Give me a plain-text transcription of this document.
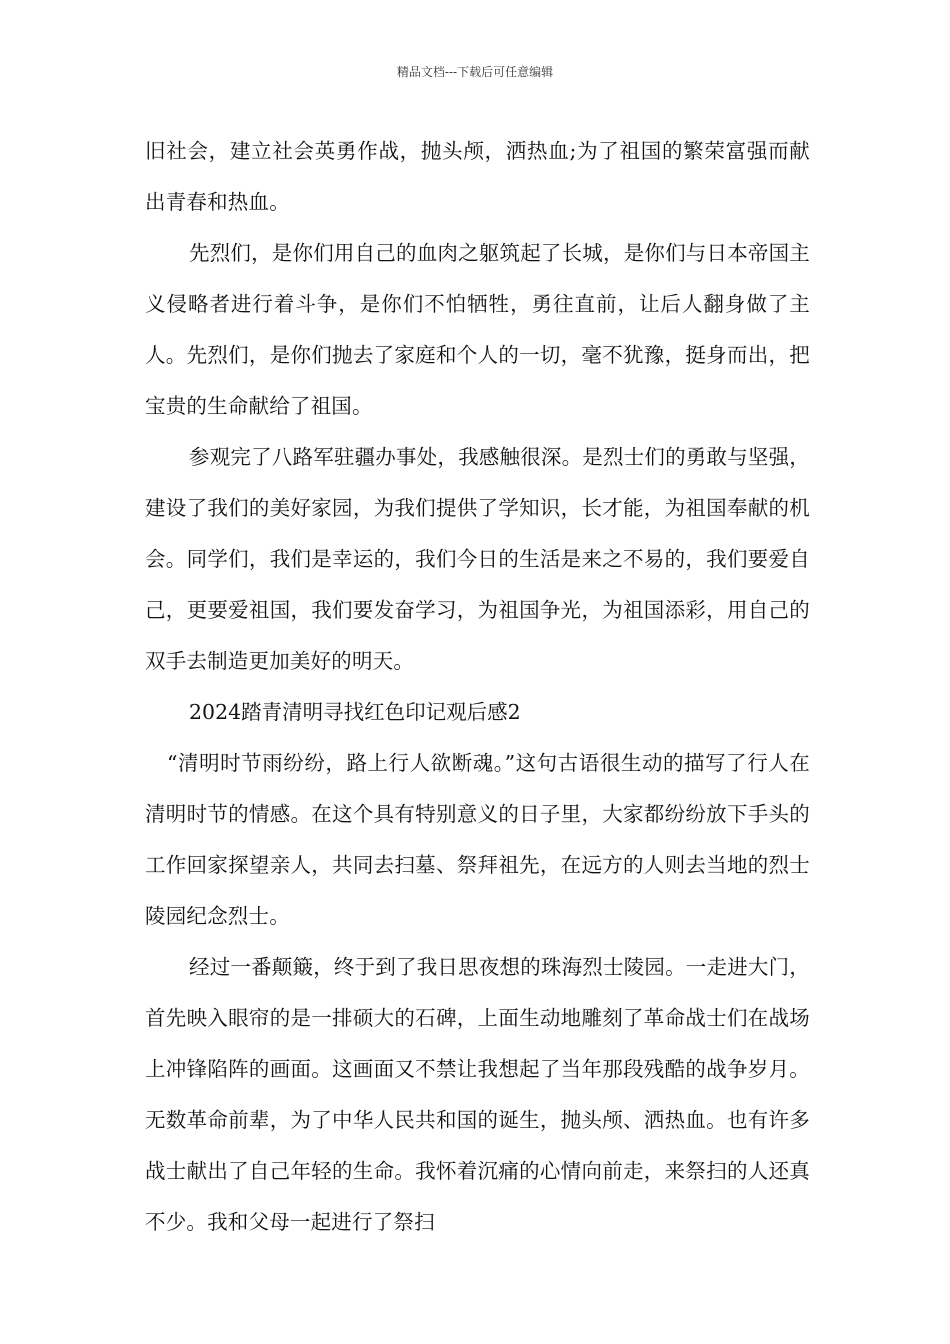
精品文档---下载后可任意编辑

旧社会，建立社会英勇作战，抛头颅，洒热血;为了祖国的繁荣富强而献出青春和热血。

先烈们，是你们用自己的血肉之躯筑起了长城，是你们与日本帝国主义侵略者进行着斗争，是你们不怕牺牲，勇往直前，让后人翻身做了主人。先烈们，是你们抛去了家庭和个人的一切，毫不犹豫，挺身而出，把宝贵的生命献给了祖国。

参观完了八路军驻疆办事处，我感触很深。是烈士们的勇敢与坚强，建设了我们的美好家园，为我们提供了学知识，长才能，为祖国奉献的机会。同学们，我们是幸运的，我们今日的生活是来之不易的，我们要爱自己，更要爱祖国，我们要发奋学习，为祖国争光，为祖国添彩，用自己的双手去制造更加美好的明天。

2024踏青清明寻找红色印记观后感2

“清明时节雨纷纷，路上行人欲断魂。”这句古语很生动的描写了行人在清明时节的情感。在这个具有特别意义的日子里，大家都纷纷放下手头的工作回家探望亲人，共同去扫墓、祭拜祖先，在远方的人则去当地的烈士陵园纪念烈士。

经过一番颠簸，终于到了我日思夜想的珠海烈士陵园。一走进大门，首先映入眼帘的是一排硕大的石碑，上面生动地雕刻了革命战士们在战场上冲锋陷阵的画面。这画面又不禁让我想起了当年那段残酷的战争岁月。无数革命前辈，为了中华人民共和国的诞生，抛头颅、洒热血。也有许多战士献出了自己年轻的生命。我怀着沉痛的心情向前走，来祭扫的人还真不少。我和父母一起进行了祭扫
